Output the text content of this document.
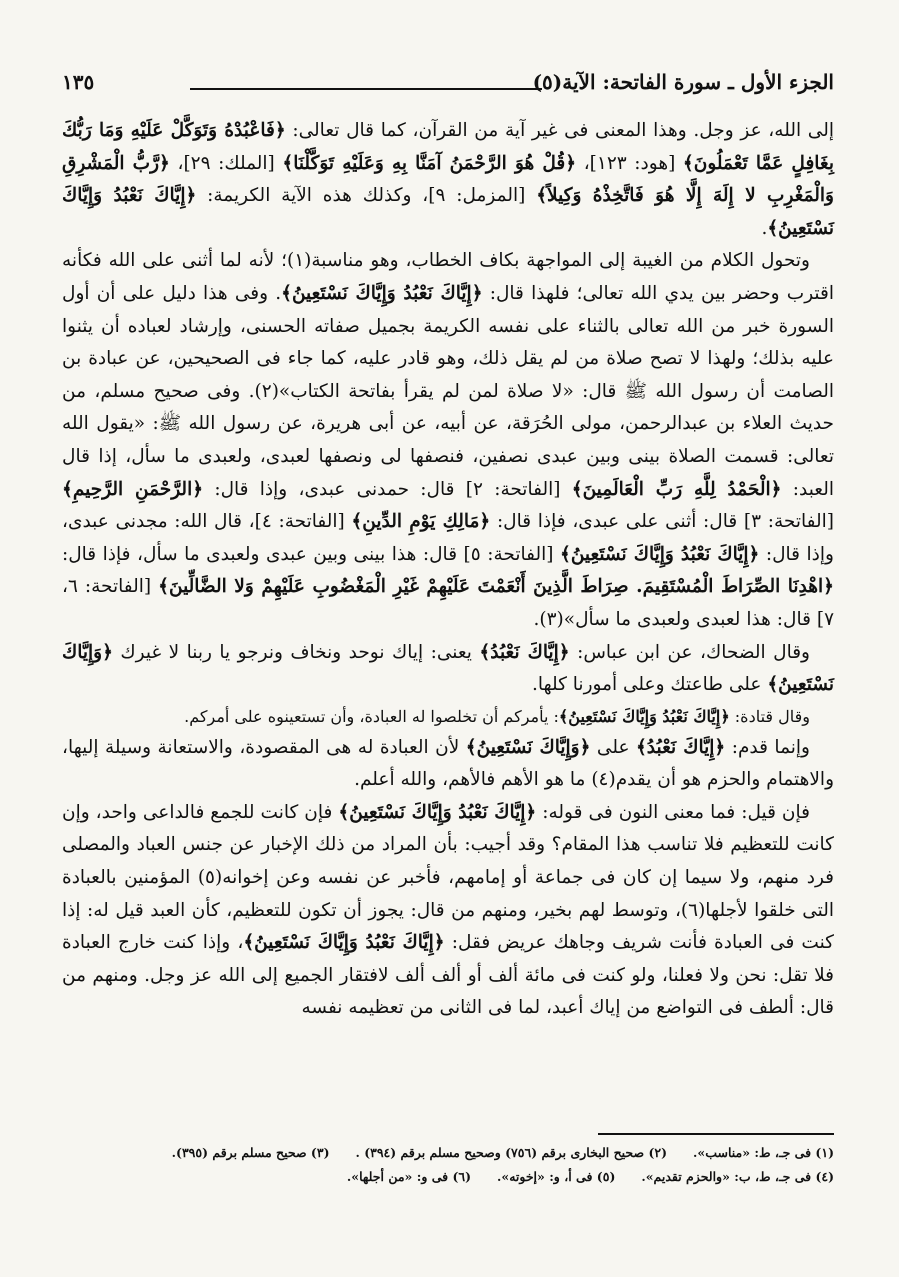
الجزء الأول ـ سورة الفاتحة: الآية(٥)
١٣٥

إلى الله، عز وجل. وهذا المعنى فى غير آية من القرآن، كما قال تعالى: ﴿فَاعْبُدْهُ وَتَوَكَّلْ عَلَيْهِ وَمَا رَبُّكَ بِغَافِلٍ عَمَّا تَعْمَلُونَ﴾ [هود: ١٢٣]، ﴿قُلْ هُوَ الرَّحْمَنُ آمَنَّا بِهِ وَعَلَيْهِ تَوَكَّلْنَا﴾ [الملك: ٢٩]، ﴿رَّبُّ الْمَشْرِقِ وَالْمَغْرِبِ لا إِلَهَ إِلَّا هُوَ فَاتَّخِذْهُ وَكِيلاً﴾ [المزمل: ٩]، وكذلك هذه الآية الكريمة: ﴿إِيَّاكَ نَعْبُدُ وَإِيَّاكَ نَسْتَعِينُ﴾.

وتحول الكلام من الغيبة إلى المواجهة بكاف الخطاب، وهو مناسبة(١)؛ لأنه لما أثنى على الله فكأنه اقترب وحضر بين يدي الله تعالى؛ فلهذا قال: ﴿إِيَّاكَ نَعْبُدُ وَإِيَّاكَ نَسْتَعِينُ﴾. وفى هذا دليل على أن أول السورة خبر من الله تعالى بالثناء على نفسه الكريمة بجميل صفاته الحسنى، وإرشاد لعباده أن يثنوا عليه بذلك؛ ولهذا لا تصح صلاة من لم يقل ذلك، وهو قادر عليه، كما جاء فى الصحيحين، عن عبادة بن الصامت أن رسول الله ﷺ قال: «لا صلاة لمن لم يقرأ بفاتحة الكتاب»(٢). وفى صحيح مسلم، من حديث العلاء بن عبدالرحمن، مولى الحُرَقة، عن أبيه، عن أبى هريرة، عن رسول الله ﷺ: «يقول الله تعالى: قسمت الصلاة بينى وبين عبدى نصفين، فنصفها لى ونصفها لعبدى، ولعبدى ما سأل، إذا قال العبد: ﴿الْحَمْدُ لِلَّهِ رَبِّ الْعَالَمِينَ﴾ [الفاتحة: ٢] قال: حمدنى عبدى، وإذا قال: ﴿الرَّحْمَنِ الرَّحِيمِ﴾ [الفاتحة: ٣] قال: أثنى على عبدى، فإذا قال: ﴿مَالِكِ يَوْمِ الدِّينِ﴾ [الفاتحة: ٤]، قال الله: مجدنى عبدى، وإذا قال: ﴿إِيَّاكَ نَعْبُدُ وَإِيَّاكَ نَسْتَعِينُ﴾ [الفاتحة: ٥] قال: هذا بينى وبين عبدى ولعبدى ما سأل، فإذا قال: ﴿اهْدِنَا الصِّرَاطَ الْمُسْتَقِيمَ. صِرَاطَ الَّذِينَ أَنْعَمْتَ عَلَيْهِمْ غَيْرِ الْمَغْضُوبِ عَلَيْهِمْ وَلا الضَّالِّينَ﴾ [الفاتحة: ٦، ٧] قال: هذا لعبدى ولعبدى ما سأل»(٣).

وقال الضحاك، عن ابن عباس: ﴿إِيَّاكَ نَعْبُدُ﴾ يعنى: إياك نوحد ونخاف ونرجو يا ربنا لا غيرك ﴿وَإِيَّاكَ نَسْتَعِينُ﴾ على طاعتك وعلى أمورنا كلها.

وقال قتادة: ﴿إِيَّاكَ نَعْبُدُ وَإِيَّاكَ نَسْتَعِينُ﴾: يأمركم أن تخلصوا له العبادة، وأن تستعينوه على أمركم.

وإنما قدم: ﴿إِيَّاكَ نَعْبُدُ﴾ على ﴿وَإِيَّاكَ نَسْتَعِينُ﴾ لأن العبادة له هى المقصودة، والاستعانة وسيلة إليها، والاهتمام والحزم هو أن يقدم(٤) ما هو الأهم فالأهم، والله أعلم.

فإن قيل: فما معنى النون فى قوله: ﴿إِيَّاكَ نَعْبُدُ وَإِيَّاكَ نَسْتَعِينُ﴾ فإن كانت للجمع فالداعى واحد، وإن كانت للتعظيم فلا تناسب هذا المقام؟ وقد أجيب: بأن المراد من ذلك الإخبار عن جنس العباد والمصلى فرد منهم، ولا سيما إن كان فى جماعة أو إمامهم، فأخبر عن نفسه وعن إخوانه(٥) المؤمنين بالعبادة التى خلقوا لأجلها(٦)، وتوسط لهم بخير، ومنهم من قال: يجوز أن تكون للتعظيم، كأن العبد قيل له: إذا كنت فى العبادة فأنت شريف وجاهك عريض فقل: ﴿إِيَّاكَ نَعْبُدُ وَإِيَّاكَ نَسْتَعِينُ﴾، وإذا كنت خارج العبادة فلا تقل: نحن ولا فعلنا، ولو كنت فى مائة ألف أو ألف ألف لافتقار الجميع إلى الله عز وجل. ومنهم من قال: ألطف فى التواضع من إياك أعبد، لما فى الثانى من تعظيمه نفسه

(١) فى جـ، ط: «مناسب».
(٢) صحيح البخارى برقم (٧٥٦) وصحيح مسلم برقم (٣٩٤) .
(٣) صحيح مسلم برقم (٣٩٥).
(٤) فى جـ، ط، ب: «والحزم تقديم».
(٥) فى أ، و: «إخوته».
(٦) فى و: «من أجلها».
